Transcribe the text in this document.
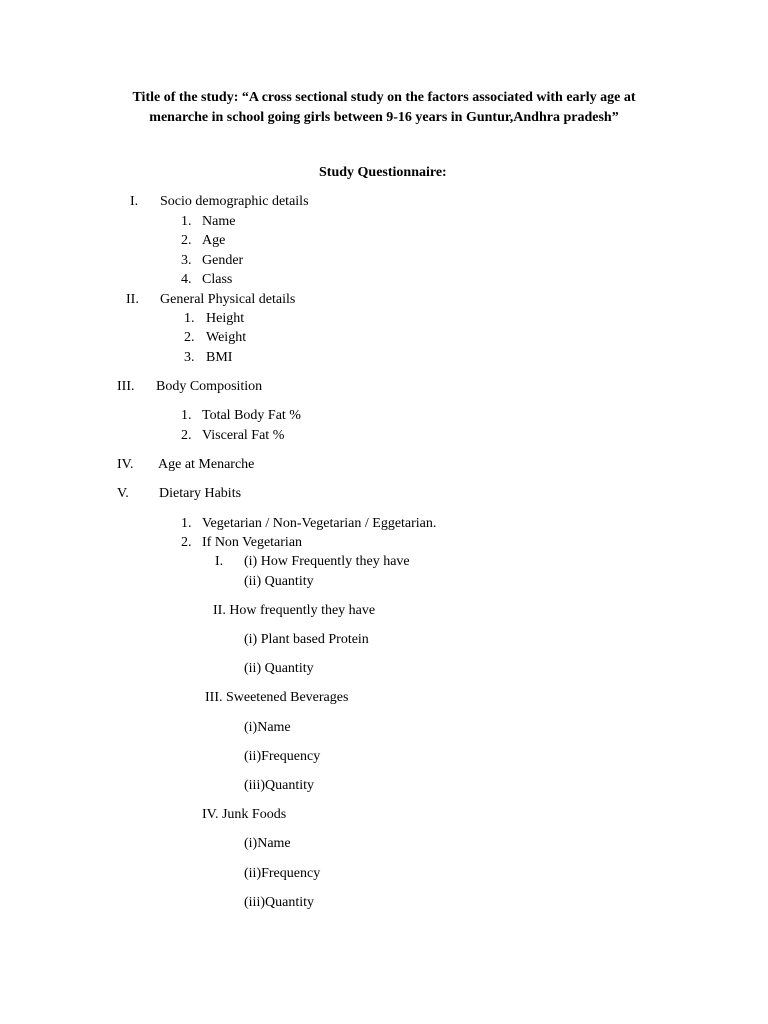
Title of the study: “A cross sectional study on the factors associated with early age at
menarche in school going girls between 9-16 years in Guntur,Andhra pradesh”
Study Questionnaire:
I. Socio demographic details
1. Name
2. Age
3. Gender
4. Class
II. General Physical details
1. Height
2. Weight
3. BMI
III. Body Composition
1. Total Body Fat %
2. Visceral Fat %
IV. Age at Menarche
V. Dietary Habits
1. Vegetarian / Non-Vegetarian / Eggetarian.
2. If Non Vegetarian
I. (i) How Frequently they have
(ii) Quantity
II. How frequently they have
(i) Plant based Protein
(ii) Quantity
III. Sweetened Beverages
(i)Name
(ii)Frequency
(iii)Quantity
IV. Junk Foods
(i)Name
(ii)Frequency
(iii)Quantity
